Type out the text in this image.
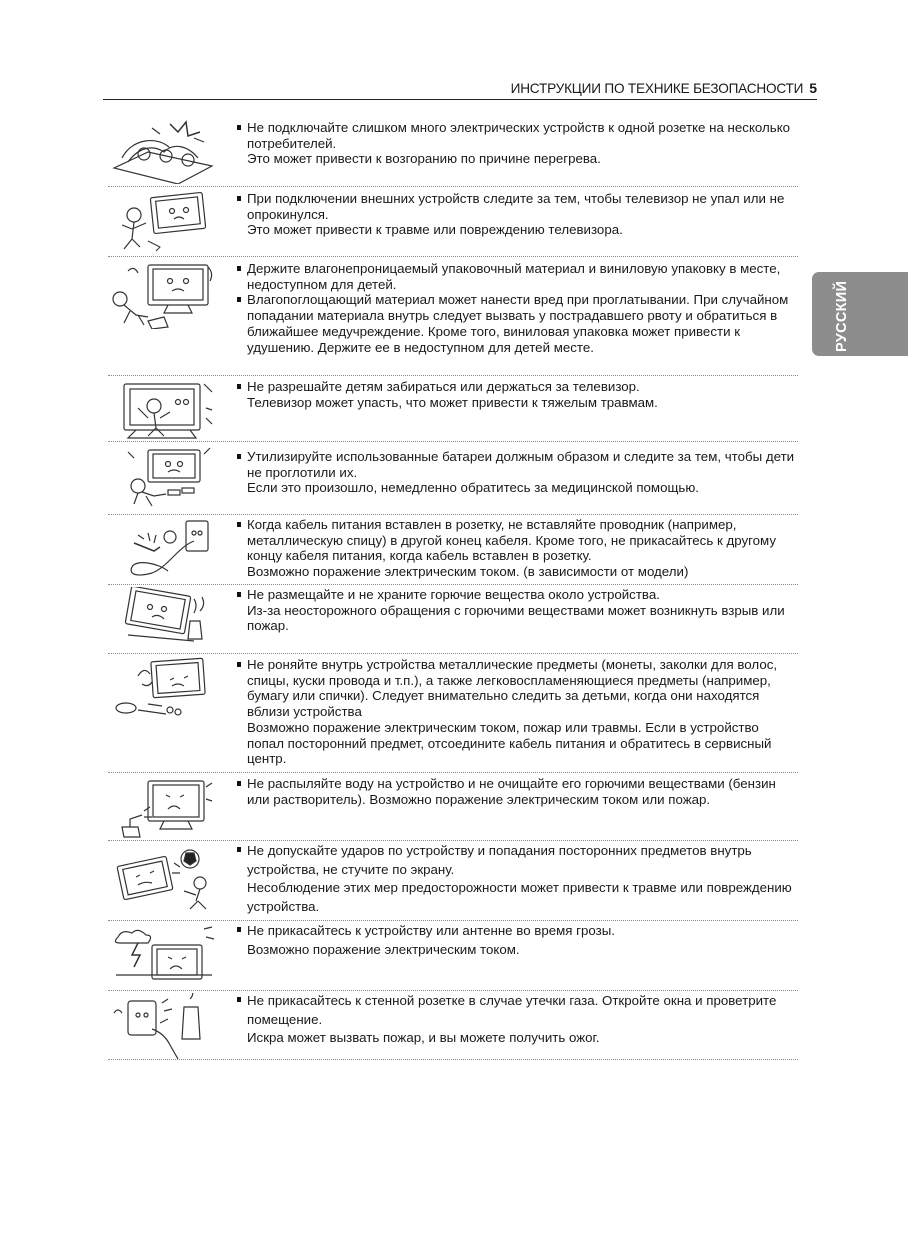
ИНСТРУКЦИИ ПО ТЕХНИКЕ БЕЗОПАСНОСТИ 5
РУССКИЙ
Не подключайте слишком много электрических устройств к одной розетке на несколько потребителей.
Это может привести к возгоранию по причине перегрева.
При подключении внешних устройств следите за тем, чтобы телевизор не упал или не опрокинулся.
Это может привести к травме или повреждению телевизора.
Держите влагонепроницаемый упаковочный материал и виниловую упаковку в месте, недоступном для детей.
Влагопоглощающий материал может нанести вред при проглатывании. При случайном попадании материала внутрь следует вызвать у пострадавшего рвоту и обратиться в ближайшее медучреждение. Кроме того, виниловая упаковка может привести к удушению. Держите ее в недоступном для детей месте.
Не разрешайте детям забираться или держаться за телевизор.
Телевизор может упасть, что может привести к тяжелым травмам.
Утилизируйте использованные батареи должным образом и следите за тем, чтобы дети не проглотили их.
Если это произошло, немедленно обратитесь за медицинской помощью.
Когда кабель питания вставлен в розетку, не вставляйте проводник (например, металлическую спицу) в другой конец кабеля. Кроме того, не прикасайтесь к другому концу кабеля питания, когда кабель вставлен в розетку.
Возможно поражение электрическим током. (в зависимости от модели)
Не размещайте и не храните горючие вещества около устройства.
Из-за неосторожного обращения с горючими веществами может возникнуть взрыв или пожар.
Не роняйте внутрь устройства металлические предметы (монеты, заколки для волос, спицы, куски провода и т.п.), а также легковоспламеняющиеся предметы (например, бумагу или спички). Следует внимательно следить за детьми, когда они находятся вблизи устройства
Возможно поражение электрическим током, пожар или травмы. Если в устройство попал посторонний предмет, отсоедините кабель питания и обратитесь в сервисный центр.
Не распыляйте воду на устройство и не очищайте его горючими веществами (бензин или растворитель). Возможно поражение электрическим током или пожар.
Не допускайте ударов по устройству и попадания посторонних предметов внутрь устройства, не стучите по экрану.
Несоблюдение этих мер предосторожности может привести к травме или повреждению устройства.
Не прикасайтесь к устройству или антенне во время грозы.
Возможно поражение электрическим током.
Не прикасайтесь к стенной розетке в случае утечки газа. Откройте окна и проветрите помещение.
Искра может вызвать пожар, и вы можете получить ожог.
